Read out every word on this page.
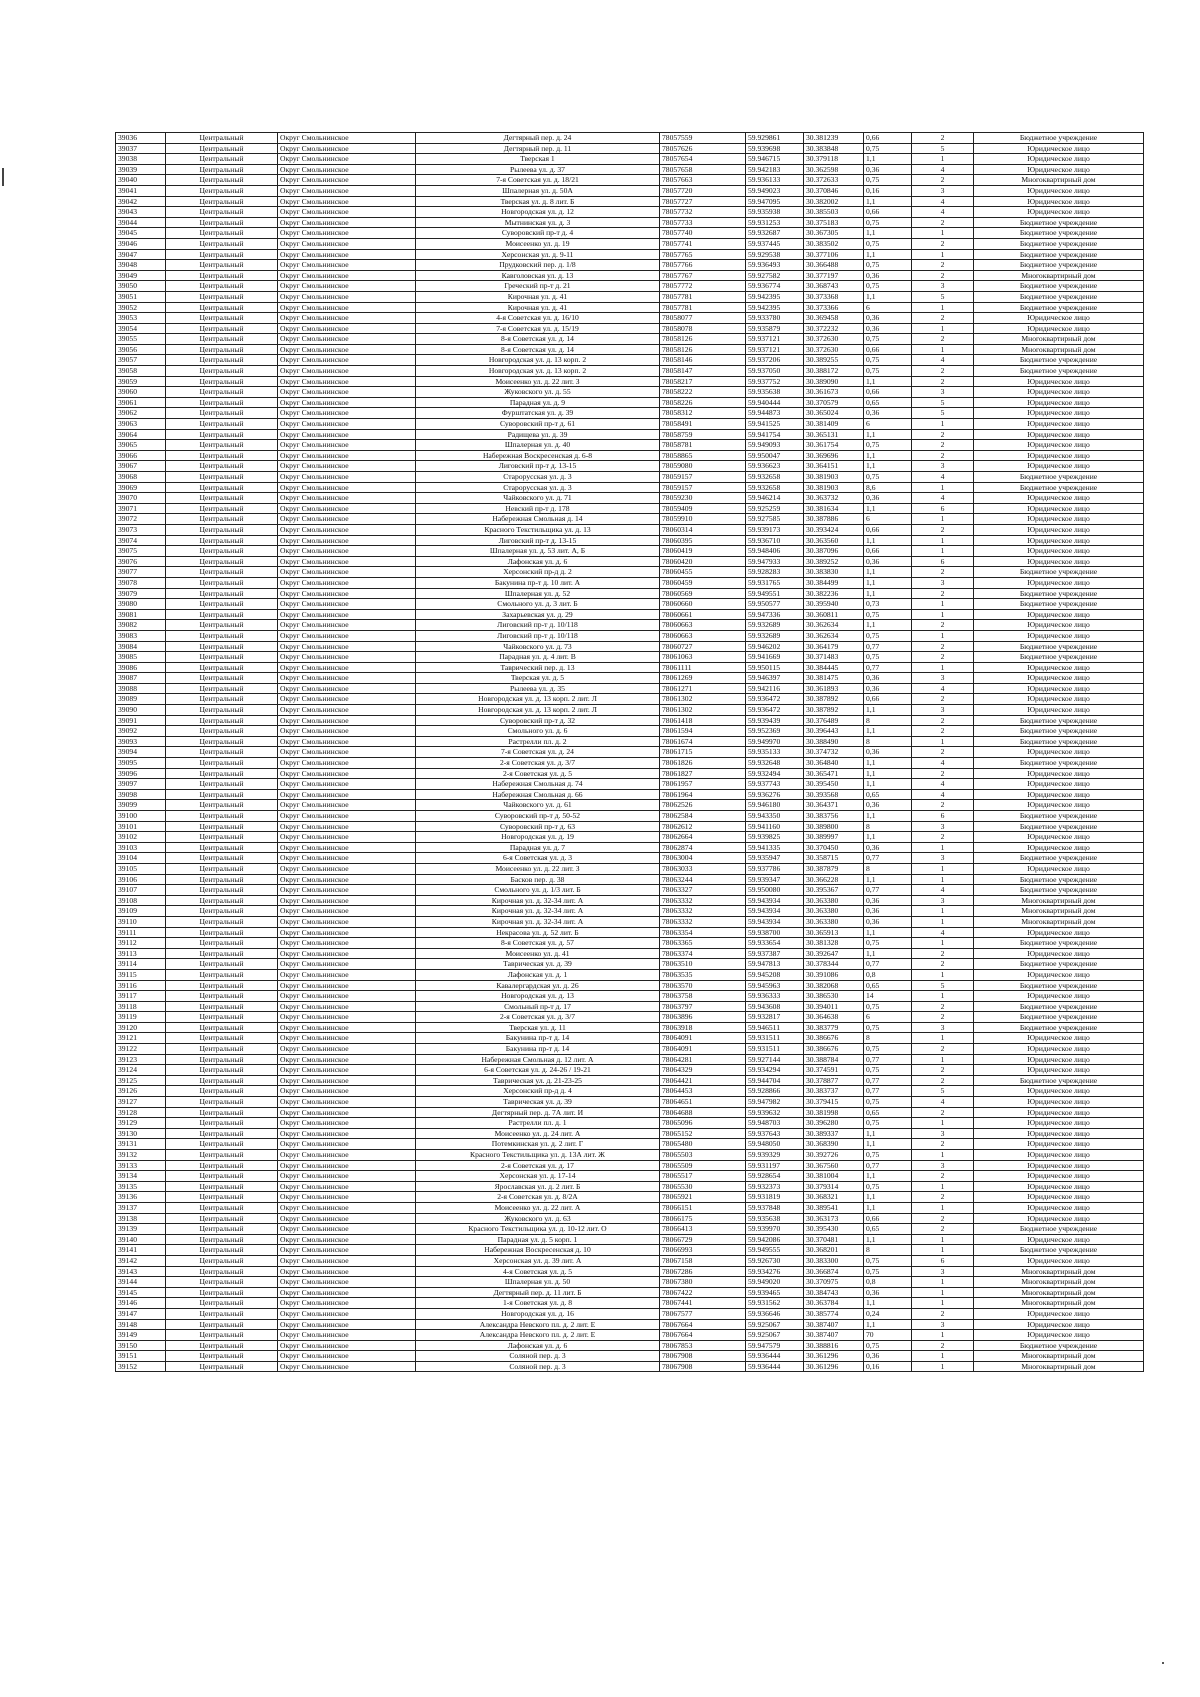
39036	Центральный	Округ Смольнинское	Дегтярный пер. д. 24	78057559	59.929861	30.381239	0,66	2	Бюджетное учреждение
39037	Центральный	Округ Смольнинское	Дегтярный пер. д. 11	78057626	59.939698	30.383848	0,75	5	Юридическое лицо
39038	Центральный	Округ Смольнинское	Тверская 1	78057654	59.946715	30.379118	1,1	1	Юридическое лицо
39039	Центральный	Округ Смольнинское	Рылеева ул. д. 37	78057658	59.942183	30.362598	0,36	4	Юридическое лицо
39040	Центральный	Округ Смольнинское	7-я Советская ул. д. 18/21	78057663	59.936133	30.372633	0,75	2	Многоквартирный дом
39041	Центральный	Округ Смольнинское	Шпалерная ул. д. 50А	78057720	59.949023	30.370846	0,16	3	Юридическое лицо
39042	Центральный	Округ Смольнинское	Тверская ул. д. 8 лит. Б	78057727	59.947095	30.382002	1,1	4	Юридическое лицо
39043	Центральный	Округ Смольнинское	Новгородская ул. д. 12	78057732	59.935938	30.385503	0,66	4	Юридическое лицо
39044	Центральный	Округ Смольнинское	Мытнинская ул. д. 3	78057733	59.931253	30.375183	0,75	2	Бюджетное учреждение
39045	Центральный	Округ Смольнинское	Суворовский пр-т д. 4	78057740	59.932687	30.367305	1,1	1	Бюджетное учреждение
39046	Центральный	Округ Смольнинское	Моисеенко ул. д. 19	78057741	59.937445	30.383502	0,75	2	Бюджетное учреждение
39047	Центральный	Округ Смольнинское	Херсонская ул. д. 9-11	78057765	59.929538	30.377106	1,1	1	Бюджетное учреждение
39048	Центральный	Округ Смольнинское	Прудковский пер. д. 1/8	78057766	59.936493	30.366488	0,75	2	Бюджетное учреждение
39049	Центральный	Округ Смольнинское	Кавголовская ул. д. 13	78057767	59.927582	30.377197	0,36	2	Многоквартирный дом
39050	Центральный	Округ Смольнинское	Греческий пр-т д. 21	78057772	59.936774	30.368743	0,75	3	Бюджетное учреждение
39051	Центральный	Округ Смольнинское	Кирочная ул. д. 41	78057781	59.942395	30.373368	1,1	5	Бюджетное учреждение
39052	Центральный	Округ Смольнинское	Кирочная ул. д. 41	78057781	59.942395	30.373366	6	1	Бюджетное учреждение
39053	Центральный	Округ Смольнинское	4-я Советская ул. д. 16/10	78058077	59.933780	30.369458	0,36	2	Юридическое лицо
39054	Центральный	Округ Смольнинское	7-я Советская ул. д. 15/19	78058078	59.935879	30.372232	0,36	1	Юридическое лицо
39055	Центральный	Округ Смольнинское	8-я Советская ул. д. 14	78058126	59.937121	30.372630	0,75	2	Многоквартирный дом
39056	Центральный	Округ Смольнинское	8-я Советская ул. д. 14	78058126	59.937121	30.372630	0,66	1	Многоквартирный дом
39057	Центральный	Округ Смольнинское	Новгородская ул. д. 13 корп. 2	78058146	59.937206	30.389255	0,75	4	Бюджетное учреждение
39058	Центральный	Округ Смольнинское	Новгородская ул. д. 13 корп. 2	78058147	59.937050	30.388172	0,75	2	Бюджетное учреждение
39059	Центральный	Округ Смольнинское	Моисеенко ул. д. 22 лит. З	78058217	59.937752	30.389090	1,1	2	Юридическое лицо
39060	Центральный	Округ Смольнинское	Жуковского ул. д. 55	78058222	59.935638	30.361673	0,66	3	Юридическое лицо
39061	Центральный	Округ Смольнинское	Парадная ул. д. 9	78058226	59.940444	30.370579	0,65	5	Юридическое лицо
39062	Центральный	Округ Смольнинское	Фурштатская ул. д. 39	78058312	59.944873	30.365024	0,36	5	Юридическое лицо
39063	Центральный	Округ Смольнинское	Суворовский пр-т д. 61	78058491	59.941525	30.381409	6	1	Юридическое лицо
39064	Центральный	Округ Смольнинское	Радищева ул. д. 39	78058759	59.941754	30.365131	1,1	2	Юридическое лицо
39065	Центральный	Округ Смольнинское	Шпалерная ул. д. 40	78058781	59.949093	30.361754	0,75	2	Юридическое лицо
39066	Центральный	Округ Смольнинское	Набережная Воскресенская д. 6-8	78058865	59.950047	30.369696	1,1	2	Юридическое лицо
39067	Центральный	Округ Смольнинское	Лиговский пр-т д. 13-15	78059080	59.936623	30.364151	1,1	3	Юридическое лицо
39068	Центральный	Округ Смольнинское	Старорусская ул. д. 3	78059157	59.932658	30.381903	0,75	4	Бюджетное учреждение
39069	Центральный	Округ Смольнинское	Старорусская ул. д. 3	78059157	59.932658	30.381903	8,6	1	Бюджетное учреждение
39070	Центральный	Округ Смольнинское	Чайковского ул. д. 71	78059230	59.946214	30.363732	0,36	4	Юридическое лицо
39071	Центральный	Округ Смольнинское	Невский пр-т д. 178	78059409	59.925259	30.381634	1,1	6	Юридическое лицо
39072	Центральный	Округ Смольнинское	Набережная Смольная д. 14	78059910	59.927585	30.387886	6	1	Юридическое лицо
39073	Центральный	Округ Смольнинское	Красного Текстильщика ул. д. 13	78060314	59.939173	30.393424	0,66	2	Юридическое лицо
39074	Центральный	Округ Смольнинское	Лиговский пр-т д. 13-15	78060395	59.936710	30.363560	1,1	1	Юридическое лицо
39075	Центральный	Округ Смольнинское	Шпалерная ул. д. 53 лит. А, Б	78060419	59.948406	30.387096	0,66	1	Юридическое лицо
39076	Центральный	Округ Смольнинское	Лафонская ул. д. 6	78060420	59.947933	30.389252	0,36	6	Юридическое лицо
39077	Центральный	Округ Смольнинское	Херсонский пр-д д. 2	78060455	59.928283	30.383830	1,1	2	Бюджетное учреждение
39078	Центральный	Округ Смольнинское	Бакунина пр-т д. 10 лит. А	78060459	59.931765	30.384499	1,1	3	Юридическое лицо
39079	Центральный	Округ Смольнинское	Шпалерная ул. д. 52	78060569	59.949551	30.382236	1,1	2	Бюджетное учреждение
39080	Центральный	Округ Смольнинское	Смольного ул. д. 3 лит. Б	78060660	59.950577	30.395940	0,73	1	Бюджетное учреждение
39081	Центральный	Округ Смольнинское	Захарьевская ул. д. 29	78060661	59.947336	30.360811	0,75	1	Юридическое лицо
39082	Центральный	Округ Смольнинское	Лиговский пр-т д. 10/118	78060663	59.932689	30.362634	1,1	2	Юридическое лицо
39083	Центральный	Округ Смольнинское	Лиговский пр-т д. 10/118	78060663	59.932689	30.362634	0,75	1	Юридическое лицо
39084	Центральный	Округ Смольнинское	Чайковского ул. д. 73	78060727	59.946202	30.364179	0,77	2	Бюджетное учреждение
39085	Центральный	Округ Смольнинское	Парадная ул. д. 4 лит. В	78061063	59.941669	30.371483	0,75	2	Бюджетное учреждение
39086	Центральный	Округ Смольнинское	Таврический пер. д. 13	78061111	59.950115	30.384445	0,77	1	Юридическое лицо
39087	Центральный	Округ Смольнинское	Тверская ул. д. 5	78061269	59.946397	30.381475	0,36	3	Юридическое лицо
39088	Центральный	Округ Смольнинское	Рылеева ул. д. 35	78061271	59.942116	30.361893	0,36	4	Юридическое лицо
39089	Центральный	Округ Смольнинское	Новгородская ул. д. 13 корп. 2 лит. Л	78061302	59.936472	30.387892	0,66	2	Юридическое лицо
39090	Центральный	Округ Смольнинское	Новгородская ул. д. 13 корп. 2 лит. Л	78061302	59.936472	30.387892	1,1	3	Юридическое лицо
39091	Центральный	Округ Смольнинское	Суворовский пр-т д. 32	78061418	59.939439	30.376489	8	2	Бюджетное учреждение
39092	Центральный	Округ Смольнинское	Смольного ул. д. 6	78061594	59.952369	30.396443	1,1	2	Бюджетное учреждение
39093	Центральный	Округ Смольнинское	Растрелли пл. д. 2	78061674	59.949970	30.388490	8	1	Бюджетное учреждение
39094	Центральный	Округ Смольнинское	7-я Советская ул. д. 24	78061715	59.935133	30.374732	0,36	2	Юридическое лицо
39095	Центральный	Округ Смольнинское	2-я Советская ул. д. 3/7	78061826	59.932648	30.364840	1,1	4	Бюджетное учреждение
39096	Центральный	Округ Смольнинское	2-я Советская ул. д. 5	78061827	59.932494	30.365471	1,1	2	Юридическое лицо
39097	Центральный	Округ Смольнинское	Набережная Смольная д. 74	78061957	59.937743	30.395450	1,1	4	Юридическое лицо
39098	Центральный	Округ Смольнинское	Набережная Смольная д. 66	78061964	59.936276	30.393568	0,65	4	Юридическое лицо
39099	Центральный	Округ Смольнинское	Чайковского ул. д. 61	78062526	59.946180	30.364371	0,36	2	Юридическое лицо
39100	Центральный	Округ Смольнинское	Суворовский пр-т д. 50-52	78062584	59.943350	30.383756	1,1	6	Бюджетное учреждение
39101	Центральный	Округ Смольнинское	Суворовский пр-т д. 63	78062612	59.941160	30.389800	8	3	Бюджетное учреждение
39102	Центральный	Округ Смольнинское	Новгородская ул. д. 19	78062664	59.939825	30.389997	1,1	2	Юридическое лицо
39103	Центральный	Округ Смольнинское	Парадная ул. д. 7	78062874	59.941335	30.370450	0,36	1	Юридическое лицо
39104	Центральный	Округ Смольнинское	6-я Советская ул. д. 3	78063004	59.935947	30.358715	0,77	3	Бюджетное учреждение
39105	Центральный	Округ Смольнинское	Моисеенко ул. д. 22 лит. З	78063033	59.937786	30.387879	8	1	Юридическое лицо
39106	Центральный	Округ Смольнинское	Басков пер. д. 38	78063244	59.939347	30.366228	1,1	1	Бюджетное учреждение
39107	Центральный	Округ Смольнинское	Смольного ул. д. 1/3 лит. Б	78063327	59.950080	30.395367	0,77	4	Бюджетное учреждение
39108	Центральный	Округ Смольнинское	Кирочная ул. д. 32-34 лит. А	78063332	59.943934	30.363380	0,36	3	Многоквартирный дом
39109	Центральный	Округ Смольнинское	Кирочная ул. д. 32-34 лит. А	78063332	59.943934	30.363380	0,36	1	Многоквартирный дом
39110	Центральный	Округ Смольнинское	Кирочная ул. д. 32-34 лит. А	78063332	59.943934	30.363380	0,36	1	Многоквартирный дом
39111	Центральный	Округ Смольнинское	Некрасова ул. д. 52 лит. Б	78063354	59.938700	30.365913	1,1	4	Юридическое лицо
39112	Центральный	Округ Смольнинское	8-я Советская ул. д. 57	78063365	59.933654	30.381328	0,75	1	Бюджетное учреждение
39113	Центральный	Округ Смольнинское	Моисеенко ул. д. 41	78063374	59.937387	30.392647	1,1	2	Юридическое лицо
39114	Центральный	Округ Смольнинское	Таврическая ул. д. 39	78063510	59.947813	30.378344	0,77	2	Бюджетное учреждение
39115	Центральный	Округ Смольнинское	Лафонская ул. д. 1	78063535	59.945208	30.391086	0,8	1	Юридическое лицо
39116	Центральный	Округ Смольнинское	Кавалергардская ул. д. 26	78063570	59.945963	30.382068	0,65	5	Бюджетное учреждение
39117	Центральный	Округ Смольнинское	Новгородская ул. д. 13	78063758	59.936333	30.386530	14	1	Юридическое лицо
39118	Центральный	Округ Смольнинское	Смольный пр-т д. 17	78063797	59.943608	30.394011	0,75	2	Бюджетное учреждение
39119	Центральный	Округ Смольнинское	2-я Советская ул. д. 3/7	78063896	59.932817	30.364638	6	2	Бюджетное учреждение
39120	Центральный	Округ Смольнинское	Тверская ул. д. 11	78063918	59.946511	30.383779	0,75	3	Бюджетное учреждение
39121	Центральный	Округ Смольнинское	Бакунина пр-т д. 14	78064091	59.931511	30.386676	8	1	Юридическое лицо
39122	Центральный	Округ Смольнинское	Бакунина пр-т д. 14	78064091	59.931511	30.386676	0,75	2	Юридическое лицо
39123	Центральный	Округ Смольнинское	Набережная Смольная д. 12 лит. А	78064281	59.927144	30.388784	0,77	1	Юридическое лицо
39124	Центральный	Округ Смольнинское	6-я Советская ул. д. 24-26 / 19-21	78064329	59.934294	30.374591	0,75	2	Юридическое лицо
39125	Центральный	Округ Смольнинское	Таврическая ул. д. 21-23-25	78064421	59.944704	30.378877	0,77	2	Бюджетное учреждение
39126	Центральный	Округ Смольнинское	Херсонский пр-д д. 4	78064453	59.928866	30.383737	0,77	5	Юридическое лицо
39127	Центральный	Округ Смольнинское	Таврическая ул. д. 39	78064651	59.947982	30.379415	0,75	4	Юридическое лицо
39128	Центральный	Округ Смольнинское	Дегтярный пер. д. 7А лит. И	78064688	59.939632	30.381998	0,65	2	Юридическое лицо
39129	Центральный	Округ Смольнинское	Растрелли пл. д. 1	78065096	59.948703	30.396280	0,75	1	Юридическое лицо
39130	Центральный	Округ Смольнинское	Моисеенко ул. д. 24 лит. А	78065152	59.937643	30.389337	1,1	3	Юридическое лицо
39131	Центральный	Округ Смольнинское	Потемкинская ул. д. 2 лит. Г	78065480	59.948050	30.368390	1,1	2	Юридическое лицо
39132	Центральный	Округ Смольнинское	Красного Текстильщика ул. д. 13А лит. Ж	78065503	59.939329	30.392726	0,75	1	Юридическое лицо
39133	Центральный	Округ Смольнинское	2-я Советская ул. д. 17	78065509	59.931197	30.367560	0,77	3	Юридическое лицо
39134	Центральный	Округ Смольнинское	Херсонская ул. д. 17-14	78065517	59.928654	30.381004	1,1	2	Юридическое лицо
39135	Центральный	Округ Смольнинское	Ярославская ул. д. 2 лит. Б	78065530	59.932373	30.379314	0,75	1	Юридическое лицо
39136	Центральный	Округ Смольнинское	2-я Советская ул. д. 8/2А	78065921	59.931819	30.368321	1,1	2	Юридическое лицо
39137	Центральный	Округ Смольнинское	Моисеенко ул. д. 22 лит. А	78066151	59.937848	30.389541	1,1	1	Юридическое лицо
39138	Центральный	Округ Смольнинское	Жуковского ул. д. 63	78066175	59.935638	30.363173	0,66	2	Юридическое лицо
39139	Центральный	Округ Смольнинское	Красного Текстильщика ул. д. 10-12 лит. О	78066413	59.939970	30.395430	0,65	2	Бюджетное учреждение
39140	Центральный	Округ Смольнинское	Парадная ул. д. 5 корп. 1	78066729	59.942086	30.370481	1,1	1	Юридическое лицо
39141	Центральный	Округ Смольнинское	Набережная Воскресенская д. 10	78066993	59.949555	30.368201	8	1	Бюджетное учреждение
39142	Центральный	Округ Смольнинское	Херсонская ул. д. 39 лит. А	78067158	59.926730	30.383300	0,75	6	Юридическое лицо
39143	Центральный	Округ Смольнинское	4-я Советская ул. д. 5	78067286	59.934276	30.366874	0,75	3	Многоквартирный дом
39144	Центральный	Округ Смольнинское	Шпалерная ул. д. 50	78067380	59.949020	30.370975	0,8	1	Многоквартирный дом
39145	Центральный	Округ Смольнинское	Дегтярный пер. д. 11 лит. Б	78067422	59.939465	30.384743	0,36	1	Многоквартирный дом
39146	Центральный	Округ Смольнинское	1-я Советская ул. д. 8	78067441	59.931562	30.363784	1,1	1	Многоквартирный дом
39147	Центральный	Округ Смольнинское	Новгородская ул. д. 16	78067577	59.936646	30.385774	0,24	2	Юридическое лицо
39148	Центральный	Округ Смольнинское	Александра Невского пл. д. 2 лит. Е	78067664	59.925067	30.387407	1,1	3	Юридическое лицо
39149	Центральный	Округ Смольнинское	Александра Невского пл. д. 2 лит. Е	78067664	59.925067	30.387407	70	1	Юридическое лицо
39150	Центральный	Округ Смольнинское	Лафонская ул. д. 6	78067853	59.947579	30.388816	0,75	2	Бюджетное учреждение
39151	Центральный	Округ Смольнинское	Соляной пер. д. 3	78067908	59.936444	30.361296	0,36	1	Многоквартирный дом
39152	Центральный	Округ Смольнинское	Соляной пер. д. 3	78067908	59.936444	30.361296	0,16	1	Многоквартирный дом
